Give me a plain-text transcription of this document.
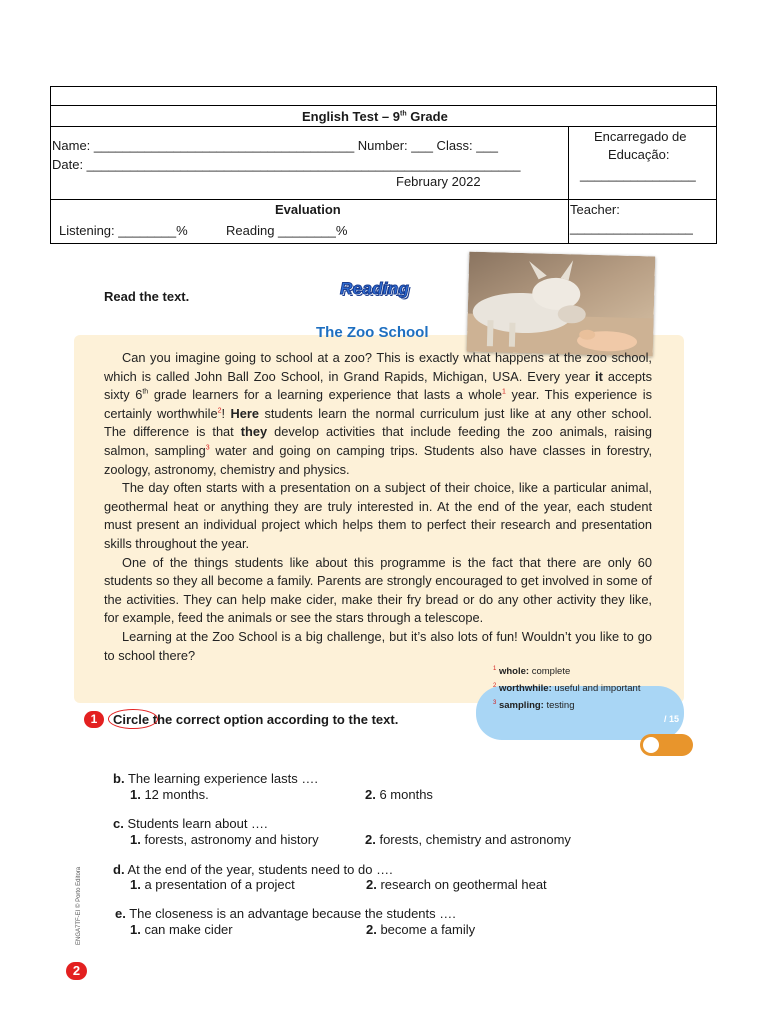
English Test – 9th Grade
Name: ____________________________________ Number: ___ Class: ___
Date: ____________________________________________________________
February 2022
Encarregado de
Educação:
________________
Evaluation
Listening: ________%	Reading ________%
Teacher:
_________________
Read the text.	Reading
The Zoo School

Can you imagine going to school at a zoo? This is exactly what happens at the zoo school, which is called John Ball Zoo School, in Grand Rapids, Michigan, USA. Every year it accepts sixty 6th grade learners for a learning experience that lasts a whole$^1$ year. This experience is certainly worthwhile$^2$! Here students learn the normal curriculum just like at any other school. The difference is that they develop activities that include feeding the zoo animals, raising salmon, sampling$^3$ water and going on camping trips. Students also have classes in forestry, zoology, astronomy, chemistry and physics.

The day often starts with a presentation on a subject of their choice, like a particular animal, geothermal heat or anything they are truly interested in. At the end of the year, each student must present an individual project which helps them to perfect their research and presentation skills throughout the year.

One of the things students like about this programme is the fact that there are only 60 students so they all become a family. Parents are strongly encouraged to get involved in some of the activities. They can help make cider, make their fry bread or do any other activity they like, for example, feed the animals or see the stars through a telescope.

Learning at the Zoo School is a big challenge, but it’s also lots of fun! Wouldn’t you like to go to school there?

$^1$ whole: complete
$^2$ worthwhile: useful and important
$^3$ sampling: testing
/ 15
1	Circle the correct option according to the text.
b. The learning experience lasts ….
1. 12 months.	2. 6 months
c. Students learn about ….
1. forests, astronomy and history	2. forests, chemistry and astronomy
d. At the end of the year, students need to do ….
1. a presentation of a project	2. research on geothermal heat
e. The closeness is an advantage because the students ….
1. can make cider	2. become a family
ENGA7TF-EI © Porto Editora
2
